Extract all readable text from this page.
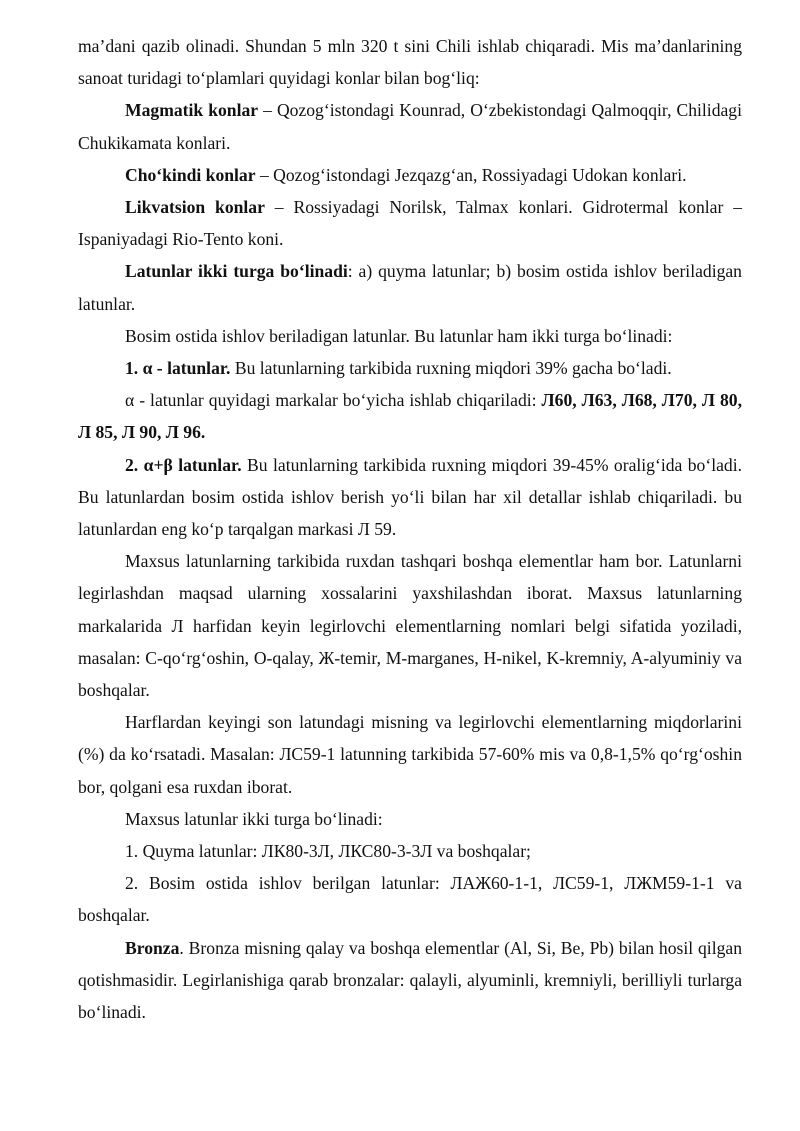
ma’dani qazib olinadi. Shundan 5 mln 320 t sini Chili ishlab chiqaradi. Mis ma’danlarining sanoat turidagi to‘plamlari quyidagi konlar bilan bog‘liq:

Magmatik konlar – Qozog‘istondagi Kounrad, O‘zbekistondagi Qalmoqqir, Chilidagi Chukikamata konlari.

Cho‘kindi konlar – Qozog‘istondagi Jezqazg‘an, Rossiyadagi Udokan konlari.

Likvatsion konlar – Rossiyadagi Norilsk, Talmax konlari. Gidrotermal konlar – Ispaniyadagi Rio-Tento koni.

Latunlar ikki turga bo‘linadi: a) quyma latunlar; b) bosim ostida ishlov beriladigan latunlar.

Bosim ostida ishlov beriladigan latunlar. Bu latunlar ham ikki turga bo‘linadi:

1. α - latunlar. Bu latunlarning tarkibida ruxning miqdori 39% gacha bo‘ladi.

α - latunlar quyidagi markalar bo‘yicha ishlab chiqariladi: Л60, Л63, Л68, Л70, Л 80, Л 85, Л 90, Л 96.

2. α+β latunlar. Bu latunlarning tarkibida ruxning miqdori 39-45% oralig‘ida bo‘ladi. Bu latunlardan bosim ostida ishlov berish yo‘li bilan har xil detallar ishlab chiqariladi. bu latunlardan eng ko‘p tarqalgan markasi Л 59.

Maxsus latunlarning tarkibida ruxdan tashqari boshqa elementlar ham bor. Latunlarni legirlashdan maqsad ularning xossalarini yaxshilashdan iborat. Maxsus latunlarning markalarida Л harfidan keyin legirlovchi elementlarning nomlari belgi sifatida yoziladi, masalan: C-qo‘rg‘oshin, O-qalay, Ж-temir, M-marganes, H-nikel, K-kremniy, A-alyuminiy va boshqalar.

Harflardan keyingi son latundagi misning va legirlovchi elementlarning miqdorlarini (%) da ko‘rsatadi. Masalan: ЛС59-1 latunning tarkibida 57-60% mis va 0,8-1,5% qo‘rg‘oshin bor, qolgani esa ruxdan iborat.

Maxsus latunlar ikki turga bo‘linadi:

1. Quyma latunlar: ЛК80-3Л, ЛКС80-3-3Л va boshqalar;

2. Bosim ostida ishlov berilgan latunlar: ЛАЖ60-1-1, ЛС59-1, ЛЖМ59-1-1 va boshqalar.

Bronza. Bronza misning qalay va boshqa elementlar (Al, Si, Be, Pb) bilan hosil qilgan qotishmasidir. Legirlanishiga qarab bronzalar: qalayli, alyuminli, kremniyli, berilliyli turlarga bo‘linadi.
